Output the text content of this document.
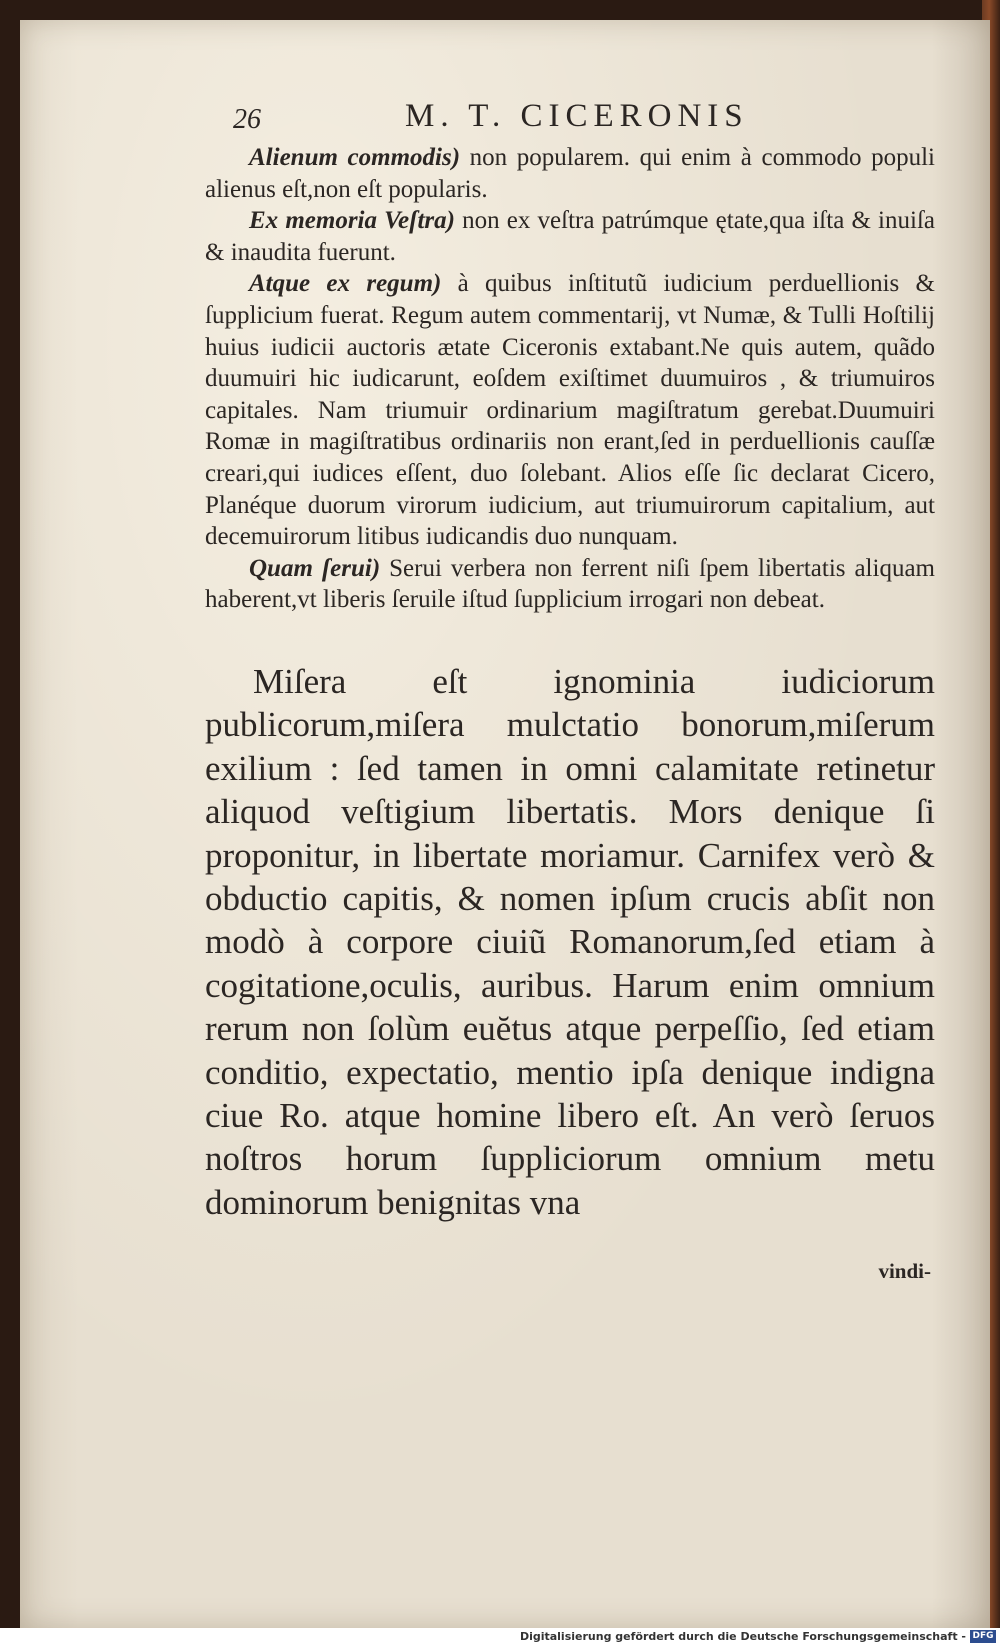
26	M. T. CICERONIS

Alienum commodis) non popularem. qui enim à commodo populi alienus eſt,non eſt popularis.

Ex memoria Veſtra) non ex veſtra patrúmque ętate,qua iſta & inuiſa & inaudita fuerunt.

Atque ex regum) à quibus inſtitutũ iudicium perduellionis & ſupplicium fuerat. Regum autem commentarij, vt Numæ, & Tulli Hoſtilij huius iudicii auctoris ætate Ciceronis extabant.Ne quis autem, quãdo duumuiri hic iudicarunt, eoſdem exiſtimet duumuiros , & triumuiros capitales. Nam triumuir ordinarium magiſtratum gerebat.Duumuiri Romæ in magiſtratibus ordinariis non erant,ſed in perduellionis cauſſæ creari,qui iudices eſſent, duo ſolebant. Alios eſſe ſic declarat Cicero, Planéque duorum virorum iudicium, aut triumuirorum capitalium, aut decemuirorum litibus iudicandis duo nunquam.

Quam ſerui) Serui verbera non ferrent niſi ſpem libertatis aliquam haberent,vt liberis ſeruile iſtud ſupplicium irrogari non debeat.

Miſera eſt ignominia iudiciorum publicorum,miſera mulctatio bonorum,miſerum exilium : ſed tamen in omni calamitate retinetur aliquod veſtigium libertatis. Mors denique ſi proponitur, in libertate moriamur. Carnifex verò & obductio capitis, & nomen ipſum crucis abſit non modò à corpore ciuiũ Romanorum,ſed etiam à cogitatione,oculis, auribus. Harum enim omnium rerum non ſolùm euĕtus atque perpeſſio, ſed etiam conditio, expectatio, mentio ipſa denique indigna ciue Ro. atque homine libero eſt. An verò ſeruos noſtros horum ſuppliciorum omnium metu dominorum benignitas vna

vindi-
Digitalisierung gefördert durch die Deutsche Forschungsgemeinschaft - DFG
